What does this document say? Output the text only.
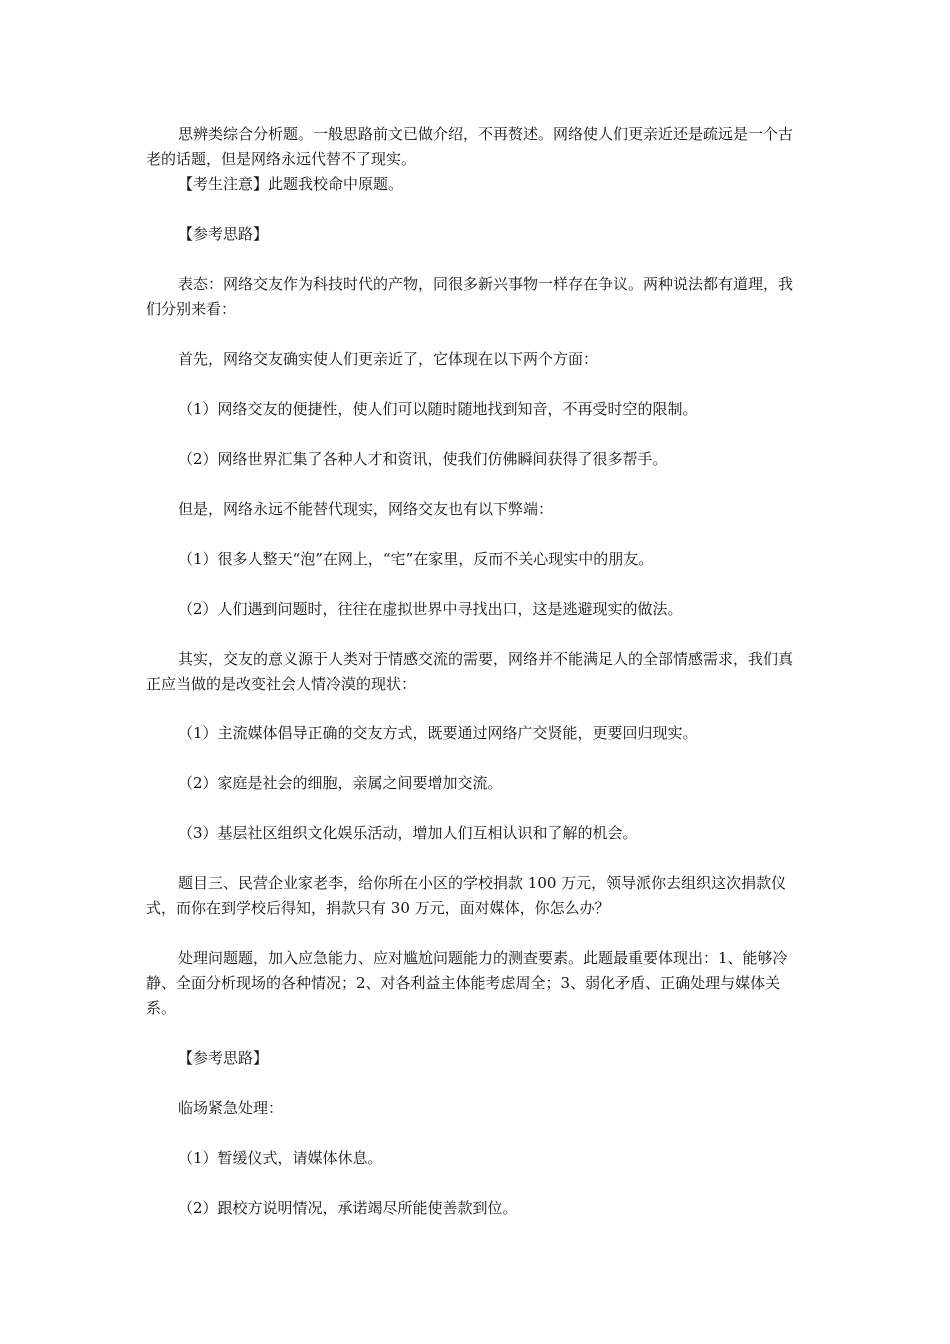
思辨类综合分析题。一般思路前文已做介绍，不再赘述。网络使人们更亲近还是疏远是一个古老的话题，但是网络永远代替不了现实。

【考生注意】此题我校命中原题。

【参考思路】

表态：网络交友作为科技时代的产物，同很多新兴事物一样存在争议。两种说法都有道理，我们分别来看：

首先，网络交友确实使人们更亲近了，它体现在以下两个方面：

（1）网络交友的便捷性，使人们可以随时随地找到知音，不再受时空的限制。

（2）网络世界汇集了各种人才和资讯，使我们仿佛瞬间获得了很多帮手。

但是，网络永远不能替代现实，网络交友也有以下弊端：

（1）很多人整天“泡”在网上，“宅”在家里，反而不关心现实中的朋友。

（2）人们遇到问题时，往往在虚拟世界中寻找出口，这是逃避现实的做法。

其实，交友的意义源于人类对于情感交流的需要，网络并不能满足人的全部情感需求，我们真正应当做的是改变社会人情冷漠的现状：

（1）主流媒体倡导正确的交友方式，既要通过网络广交贤能，更要回归现实。

（2）家庭是社会的细胞，亲属之间要增加交流。

（3）基层社区组织文化娱乐活动，增加人们互相认识和了解的机会。

题目三、民营企业家老李，给你所在小区的学校捐款 100 万元，领导派你去组织这次捐款仪式，而你在到学校后得知，捐款只有 30 万元，面对媒体，你怎么办？

处理问题题，加入应急能力、应对尴尬问题能力的测查要素。此题最重要体现出：1、能够冷静、全面分析现场的各种情况；2、对各利益主体能考虑周全；3、弱化矛盾、正确处理与媒体关系。

【参考思路】

临场紧急处理：

（1）暂缓仪式，请媒体休息。

（2）跟校方说明情况，承诺竭尽所能使善款到位。
